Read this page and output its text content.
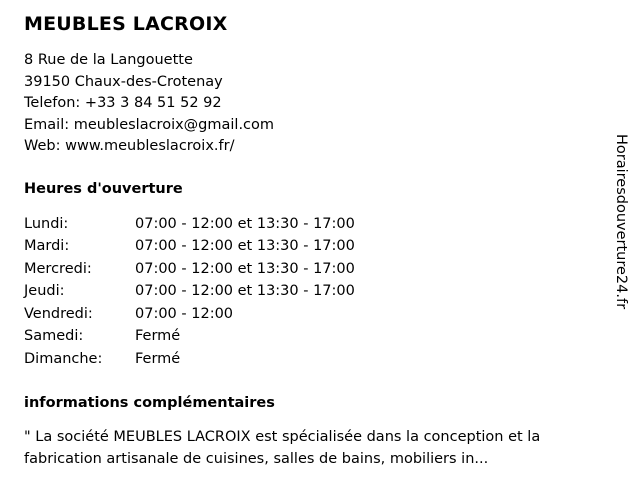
MEUBLES LACROIX
8 Rue de la Langouette
39150 Chaux-des-Crotenay
Telefon: +33 3 84 51 52 92
Email: meubleslacroix@gmail.com
Web: www.meubleslacroix.fr/
Heures d'ouverture
Lundi:	07:00 - 12:00 et 13:30 - 17:00
Mardi:	07:00 - 12:00 et 13:30 - 17:00
Mercredi:	07:00 - 12:00 et 13:30 - 17:00
Jeudi:	07:00 - 12:00 et 13:30 - 17:00
Vendredi:	07:00 - 12:00
Samedi:	Fermé
Dimanche:	Fermé
informations complémentaires
" La société MEUBLES LACROIX est spécialisée dans la conception et la fabrication artisanale de cuisines, salles de bains, mobiliers in...
Horairesdouverture24.fr
